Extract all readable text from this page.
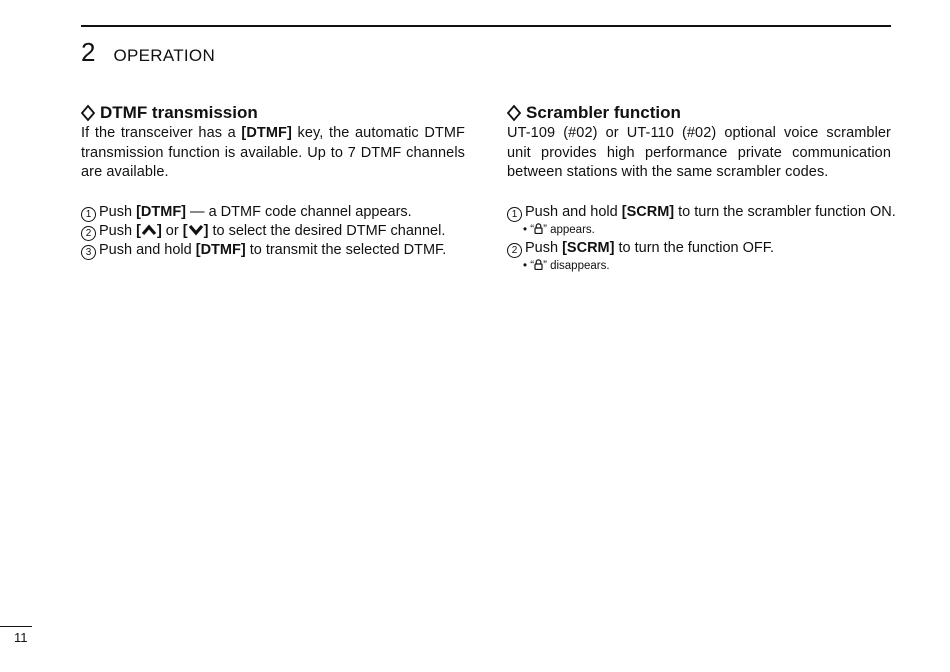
2 OPERATION
DTMF transmission
If the transceiver has a [DTMF] key, the automatic DTMF transmission function is available. Up to 7 DTMF channels are available.
1 Push [DTMF] — a DTMF code channel appears.
2 Push [ ] or [ ] to select the desired DTMF channel.
3 Push and hold [DTMF] to transmit the selected DTMF.
Scrambler function
UT-109 (#02) or UT-110 (#02) optional voice scrambler unit provides high performance private communication between stations with the same scrambler codes.
1 Push and hold [SCRM] to turn the scrambler function ON.
• “ ” appears.
2 Push [SCRM] to turn the function OFF.
• “ ” disappears.
11
